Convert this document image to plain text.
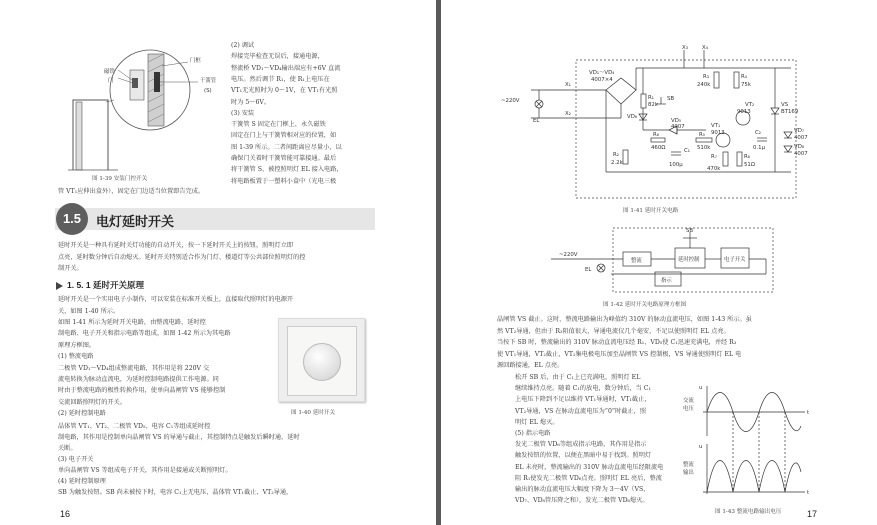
磁铁
门
门框
干簧管
(S)
图 1-39 安装门控开关
(2) 调试
焊接完毕检查无误后，接通电源，
整流桥 VD₁～VD₄输出端应有+6V 直流
电压。然后调节 R₁，使 R₁上电压在
VT₁无光照时为 0～1V，在 VT₁有光照
时为 5～6V。
(3) 安装
干簧管 S 固定在门框上，永久磁铁
固定在门上与干簧管相对应的位置，如
图 1-39 所示。二者间距离应尽量小，以
确保门关着时干簧管能可靠接通。最后
将干簧管 S、被控照明灯 EL 接入电路，
将电路板置于一塑料小盒中（光电三极
管 VT₁应伸出盒外），固定在门边适当位置即告完成。
1.5	电灯延时开关
延时开关是一种具有延时关灯功能的自动开关，按一下延时开关上的按钮，照明灯立即
点亮，延时数分钟后自动熄灭。延时开关特别适合作为门灯、楼道灯等公共部位照明灯的控
制开关。
1. 5. 1 延时开关原理
延时开关是一个实用电子小制作，可以安装在标准开关板上，直接取代照明灯的电源开
关，如图 1-40 所示。
如图 1-41 所示为延时开关电路，由整流电路、延时控
制电路、电子开关和指示电路等组成，如图 1-42 所示为其电路
原理方框图。
(1) 整流电路
二极管 VD₁～VD₄组成整流电路，其作用是将 220V 交
流电转换为脉动直流电，为延时控制电路提供工作电源。同
时由于整流电路的极性转换作用，使单向晶闸管 VS 能够控制
交流回路照明灯的开关。
(2) 延时控制电路	图 1-40 延时开关
晶体管 VT₁、VT₂、二极管 VD₅、电容 C₁等组成延时控
制电路，其作用是控制单向晶闸管 VS 的导通与截止，其控制特点是触发后瞬时通、延时
关断。
(3) 电子开关
单向晶闸管 VS 等组成电子开关，其作用是接通或关断照明灯。
(4) 延时控制原理
SB 为触发按钮。SB 尚未被按下时，电容 C₁上无电压，晶体管 VT₁截止、VT₂导通，
16
X₃	X₄
X₁
X₂
~220V
EL
VD₁～VD₄
4007×4
R₁
82k
VD₆
SB
VD₅
4007
R₆
460Ω
R₅
510k
R₂
2.2k
C₁
100μ
R₃
240k
R₄
75k
VT₁
9013
VT₂
9013
R₇
470k
R₈
51Ω
C₂
0.1μ
VS
BT169
VD₇
4007
VD₈
4007
图 1-41 延时开关电路
SB
~220V
EL
整流	延时控制	电子开关
指示
图 1-42 延时开关电路原理方框图
晶闸管 VS 截止。这时，整流电路输出为峰值约 310V 的脉动直流电压，如图 1-43 所示。虽
然 VT₂导通，但由于 R₃阻值很大，导通电流仅几个毫安，不足以使照明灯 EL 点亮。
当按下 SB 时，整流输出的 310V 脉动直流电压经 R₁、VD₅使 C₁迅速充满电，并经 R₃
使 VT₁导通，VT₂截止，VT₂集电极电压加至晶闸管 VS 控制极，VS 导通使照明灯 EL 电
源回路接通，EL 点亮。
松开 SB 后，由于 C₁上已充满电，照明灯 EL
继续维持点亮。随着 C₁的放电，数分钟后，当 C₁
上电压下降到不足以维持 VT₁导通时，VT₁截止，
VT₂导通，VS 在脉动直流电压为“0”时截止，照
明灯 EL 熄灭。
(5) 指示电路
发光二极管 VD₆等组成指示电路，其作用是指示
触发按钮的位置，以便在黑暗中易于找到。照明灯
EL 未亮时，整流输出的 310V 脉动直流电压经限流电
阻 R₁使发光二极管 VD₆点亮。照明灯 EL 亮后，整流
输出的脉动直流电压大幅度下降为 3～4V（VS、
VD₇、VD₈管压降之和），发光二极管 VD₆熄灭。
u
t
u
t
交流
电压
整流
输出
图 1-43 整流电路输出电压	17
